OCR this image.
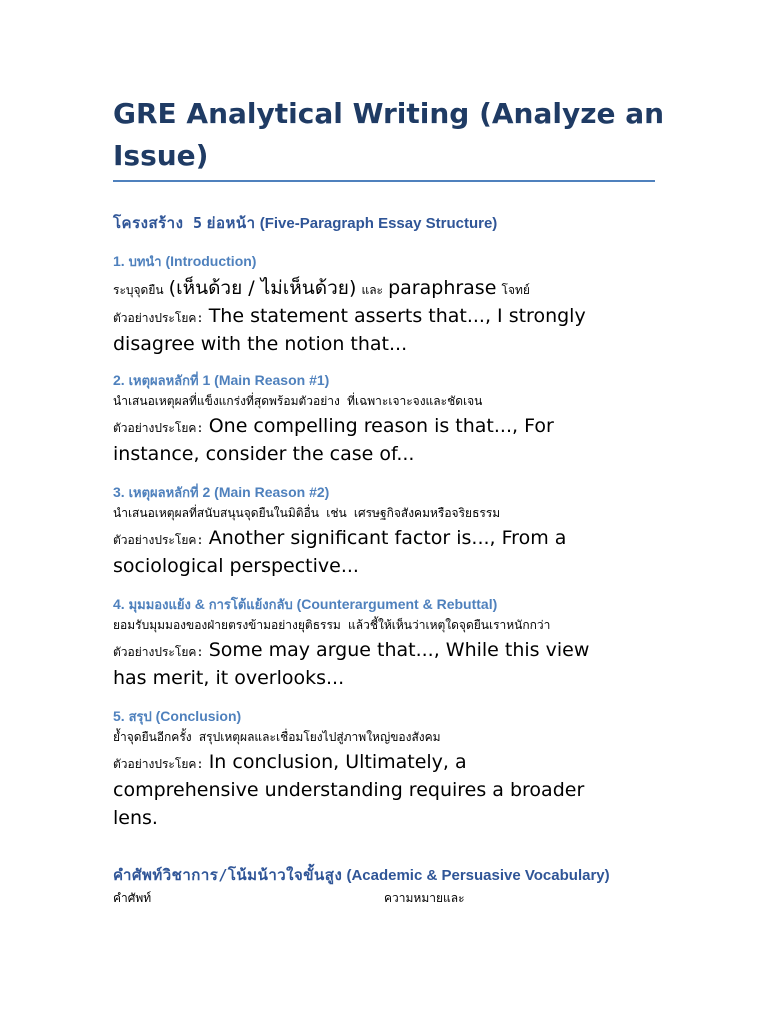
GRE Analytical Writing (Analyze an
Issue)
โครงสร้าง 5 ย่อหน้า (Five-Paragraph Essay Structure)
1. บทนำ (Introduction)
ระบุจุดยืน (เห็นด้วย / ไม่เห็นด้วย) และ paraphrase โจทย์
ตัวอย่างประโยค: The statement asserts that..., I strongly
disagree with the notion that...
2. เหตุผลหลักที่ 1 (Main Reason #1)
นำเสนอเหตุผลที่แข็งแกร่งที่สุดพร้อมตัวอย่าง ที่เฉพาะเจาะจงและชัดเจน
ตัวอย่างประโยค: One compelling reason is that..., For
instance, consider the case of...
3. เหตุผลหลักที่ 2 (Main Reason #2)
นำเสนอเหตุผลที่สนับสนุนจุดยืนในมิติอื่น เช่น เศรษฐกิจสังคมหรือจริยธรรม
ตัวอย่างประโยค: Another significant factor is..., From a
sociological perspective...
4. มุมมองแย้ง & การโต้แย้งกลับ (Counterargument & Rebuttal)
ยอมรับมุมมองของฝ่ายตรงข้ามอย่างยุติธรรม แล้วชี้ให้เห็นว่าเหตุใดจุดยืนเราหนักกว่า
ตัวอย่างประโยค: Some may argue that..., While this view
has merit, it overlooks...
5. สรุป (Conclusion)
ย้ำจุดยืนอีกครั้ง สรุปเหตุผลและเชื่อมโยงไปสู่ภาพใหญ่ของสังคม
ตัวอย่างประโยค: In conclusion, Ultimately, a
comprehensive understanding requires a broader
lens.
คำศัพท์วิชาการ/โน้มน้าวใจขั้นสูง (Academic & Persuasive Vocabulary)
คำศัพท์	ความหมายและ
